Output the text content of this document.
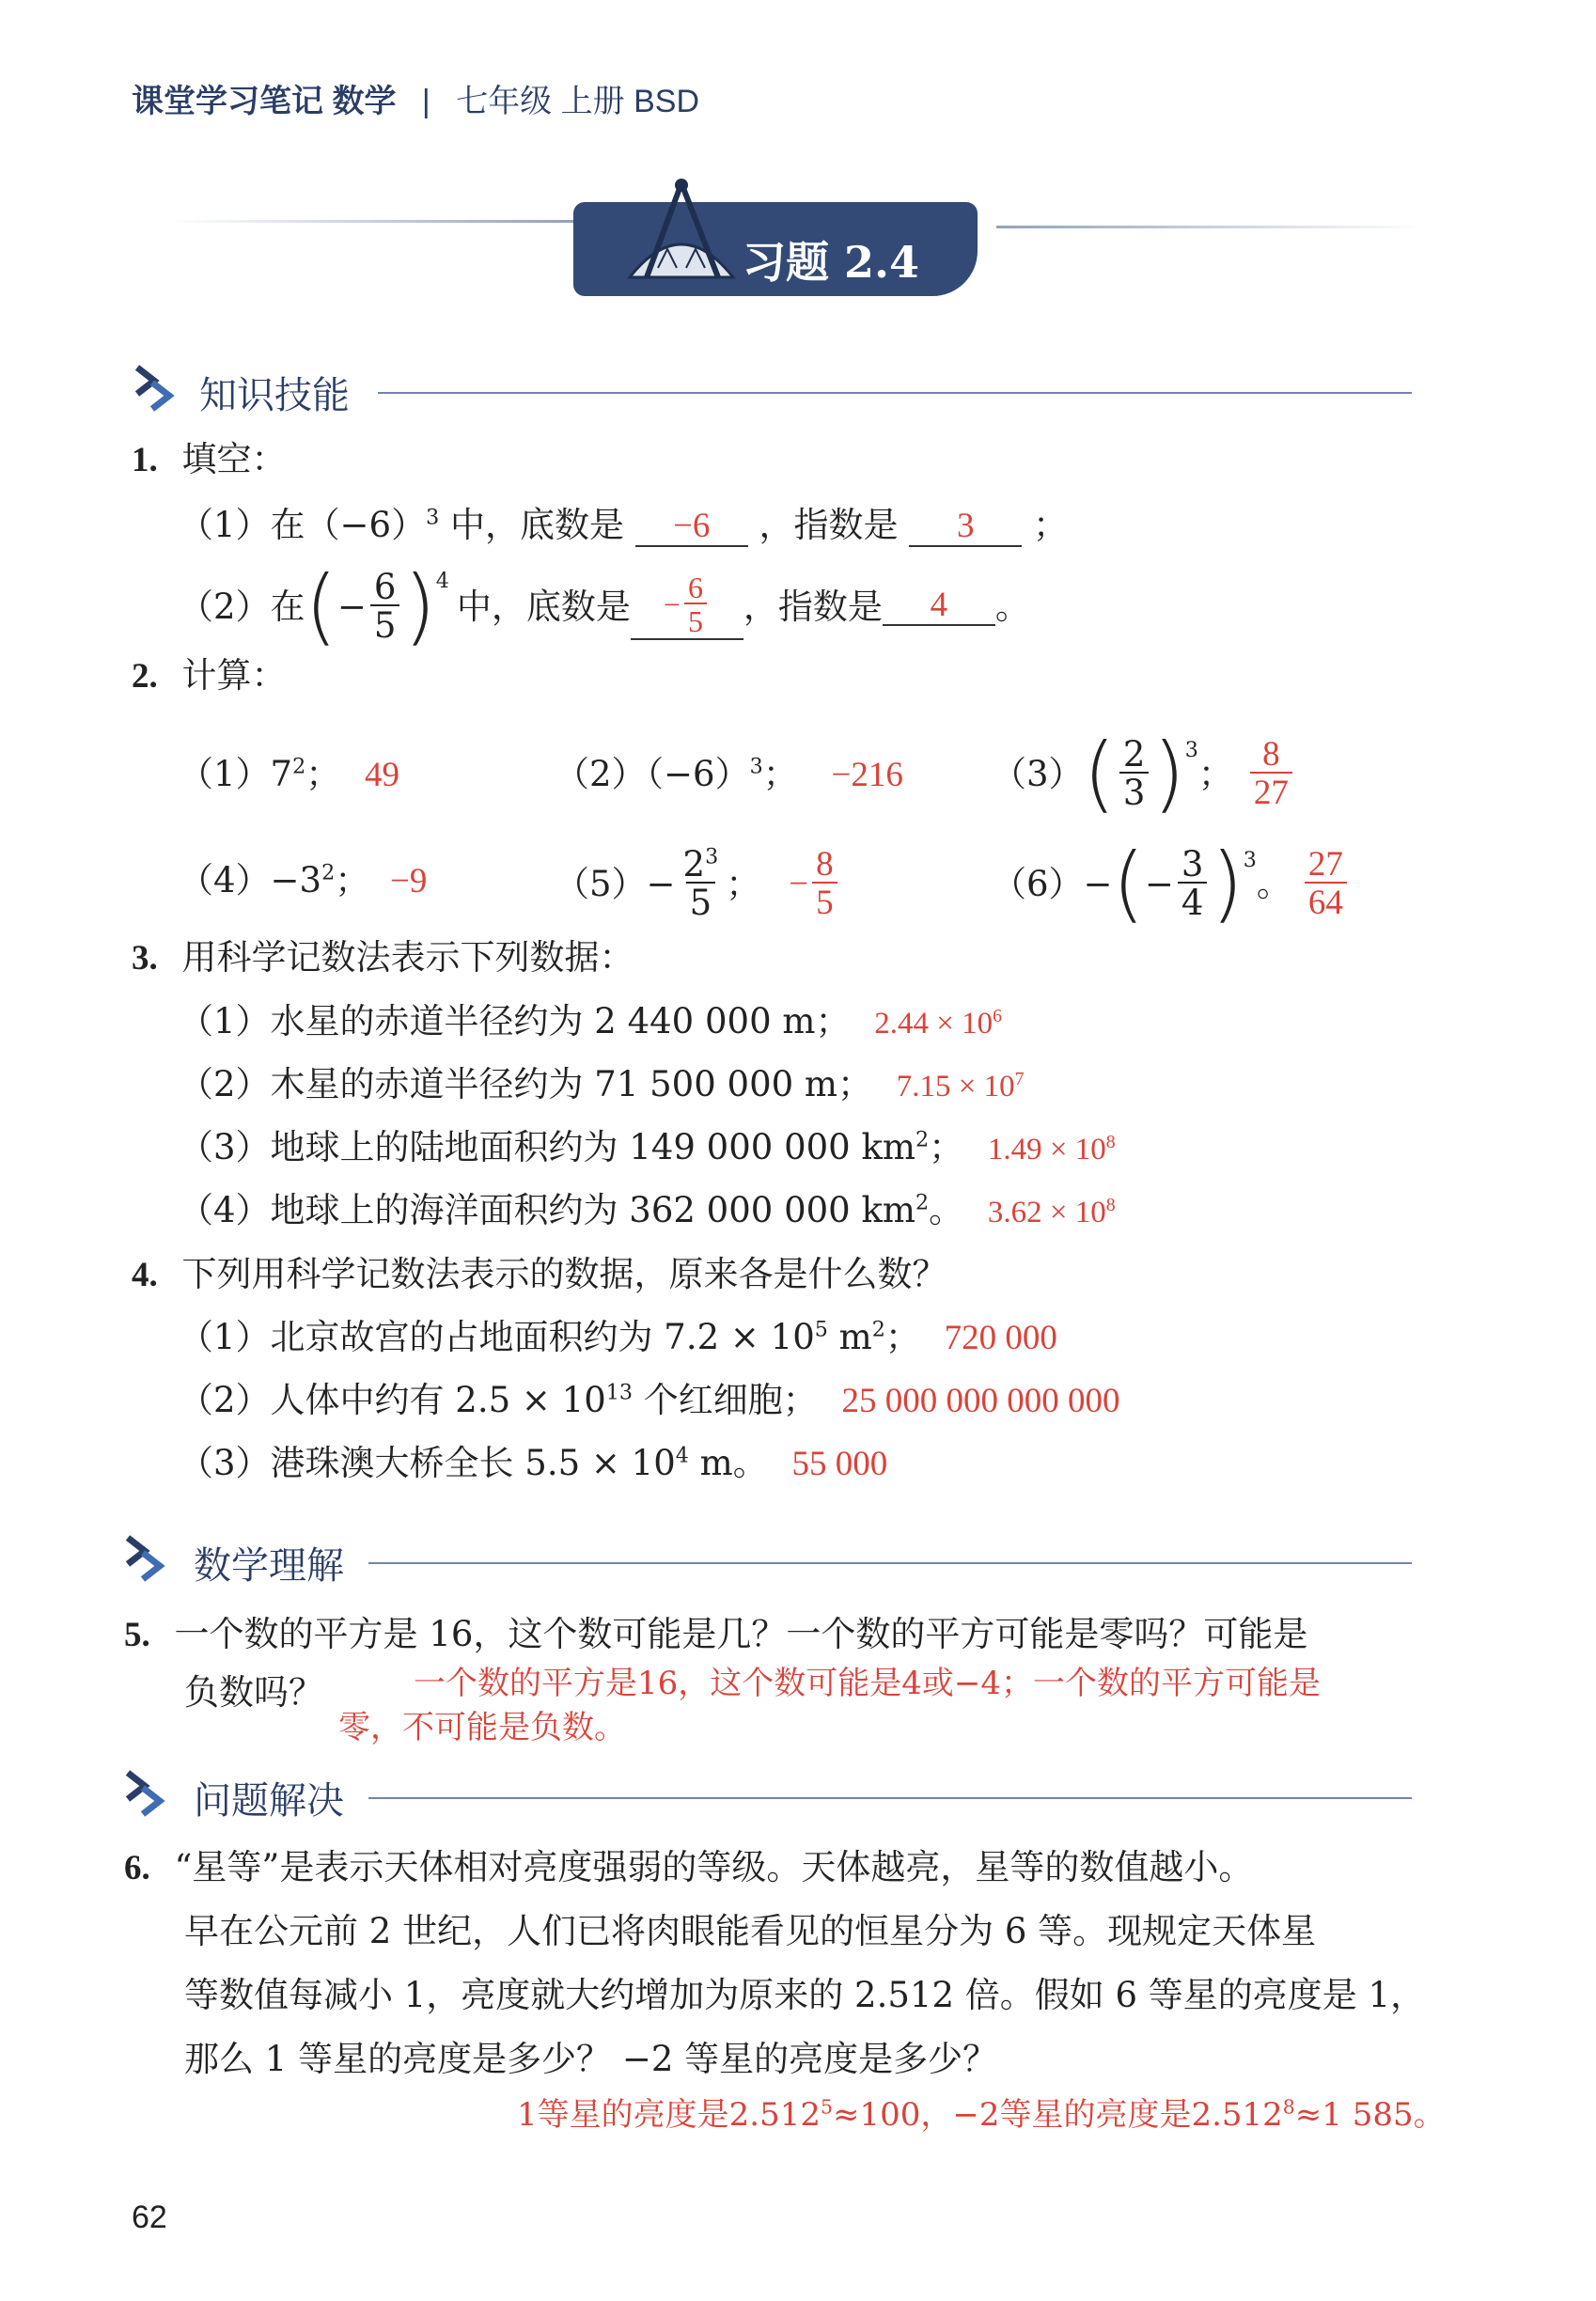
课堂学习笔记 数学 | 七年级 上册 BSD
习题 2.4
知识技能
1. 填空：
（1）在$(-6)^3$ 中，底数是 −6 ，指数是 3 ；
（2）在 ( − $\frac{6}{5}$ ) 4
中，底数是 − $\frac{6}{5}$ ，指数是	4	。
2. 计算：
$(1)7^2$； 49	$(2)(-6)^3$； −216	（3） ( $\frac{2}{3}$ ) 3
； $\frac{8}{27}$
$(4)-3^2$； −9	$(5)- \frac{2^3}{5}$ ； − $\frac{8}{5}$	（6）− ( − $\frac{3}{4}$ ) 3
。 $\frac{27}{64}$
3. 用科学记数法表示下列数据：
（1）水星的赤道半径约为 2 440 000 m； $2.44 \times 10^6$
（2）木星的赤道半径约为 71 500 000 m； $7.15 \times 10^7$
（3）地球上的陆地面积约为 149 000 000 $km^2$； $1.49 \times 10^8$
（4）地球上的海洋面积约为 362 000 000 $km^2$。 $3.62 \times 10^8$
4. 下列用科学记数法表示的数据，原来各是什么数？
（1）北京故宫的占地面积约为 $7.2 \times 10^5$ $m^2$； 720 000
（2）人体中约有 $2.5 \times 10^{13}$ 个红细胞； 25 000 000 000 000
（3）港珠澳大桥全长 $5.5 \times 10^4$ m。 55 000
数学理解
5. 一个数的平方是 16，这个数可能是几？一个数的平方可能是零吗？可能是
负数吗？	一个数的平方是16，这个数可能是4或−4；一个数的平方可能是
零，不可能是负数。
问题解决
6. “星等”是表示天体相对亮度强弱的等级。天体越亮，星等的数值越小。
早在公元前 2 世纪，人们已将肉眼能看见的恒星分为 6 等。现规定天体星
等数值每减小 1，亮度就大约增加为原来的 2.512 倍。假如 6 等星的亮度是 1，
那么 1 等星的亮度是多少？ −2 等星的亮度是多少？
1等星的亮度是$2.512^5\approx 100$，−2等星的亮度是$2.512^8\approx 1$ 585。
62
